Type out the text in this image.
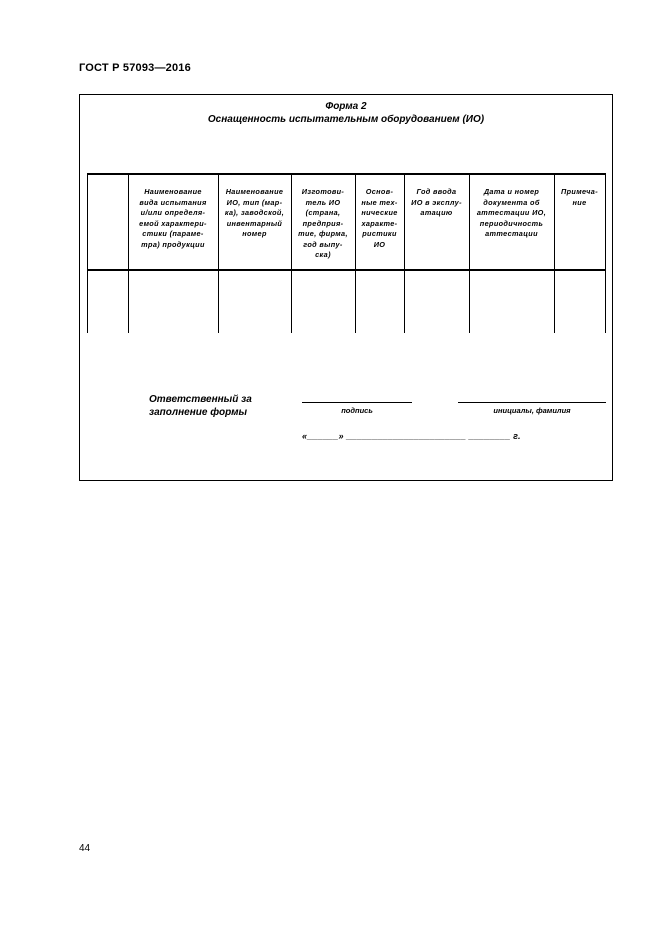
ГОСТ Р 57093—2016
Форма 2
Оснащенность испытательным оборудованием (ИО)
Наименование
вида испытания
и/или определя-
емой характери-
стики (параме-
тра) продукции
Наименование
ИО, тип (мар-
ка), заводской,
инвентарный
номер
Изготови-
тель ИО
(страна,
предприя-
тие, фирма,
год выпу-
ска)
Основ-
ные тех-
нические
характе-
ристики
ИО
Год ввода
ИО в эксплу-
атацию
Дата и номер
документа об
аттестации ИО,
периодичность
аттестации
Примеча-
ние
Ответственный за
заполнение формы	подпись	инициалы, фамилия
«______» _______________________ ________ г.
44
